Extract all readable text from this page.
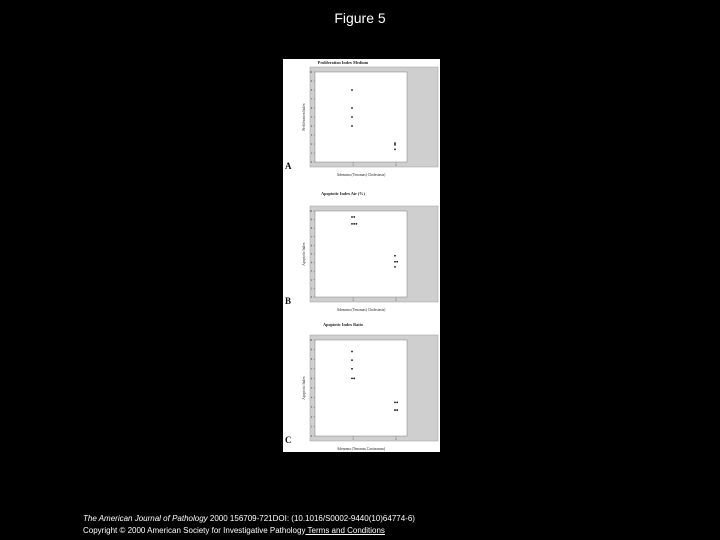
Figure 5
Proliferation Index Medium
0
1
2
3
4
5
6
7
8
9
10
1	2
Proliferation Index
Adenoma (Tenomas) Cholestasis)
A
Apoptotic Index Air (%)
0
1
2
3
4
5
6
7
8
9
10
1	2
Apoptotic Index
Adenoma (Tenomas) Cholestasis)
B
Apoptotic Index Ratio
0
1
2
3
4
5
6
7
8
9
10
1	2
Apoptotic Index
Adenoma (Tenomas Carcinomas)
C
The American Journal of Pathology 2000 156709-721DOI: (10.1016/S0002-9440(10)64774-6)
Copyright © 2000 American Society for Investigative Pathology Terms and Conditions
